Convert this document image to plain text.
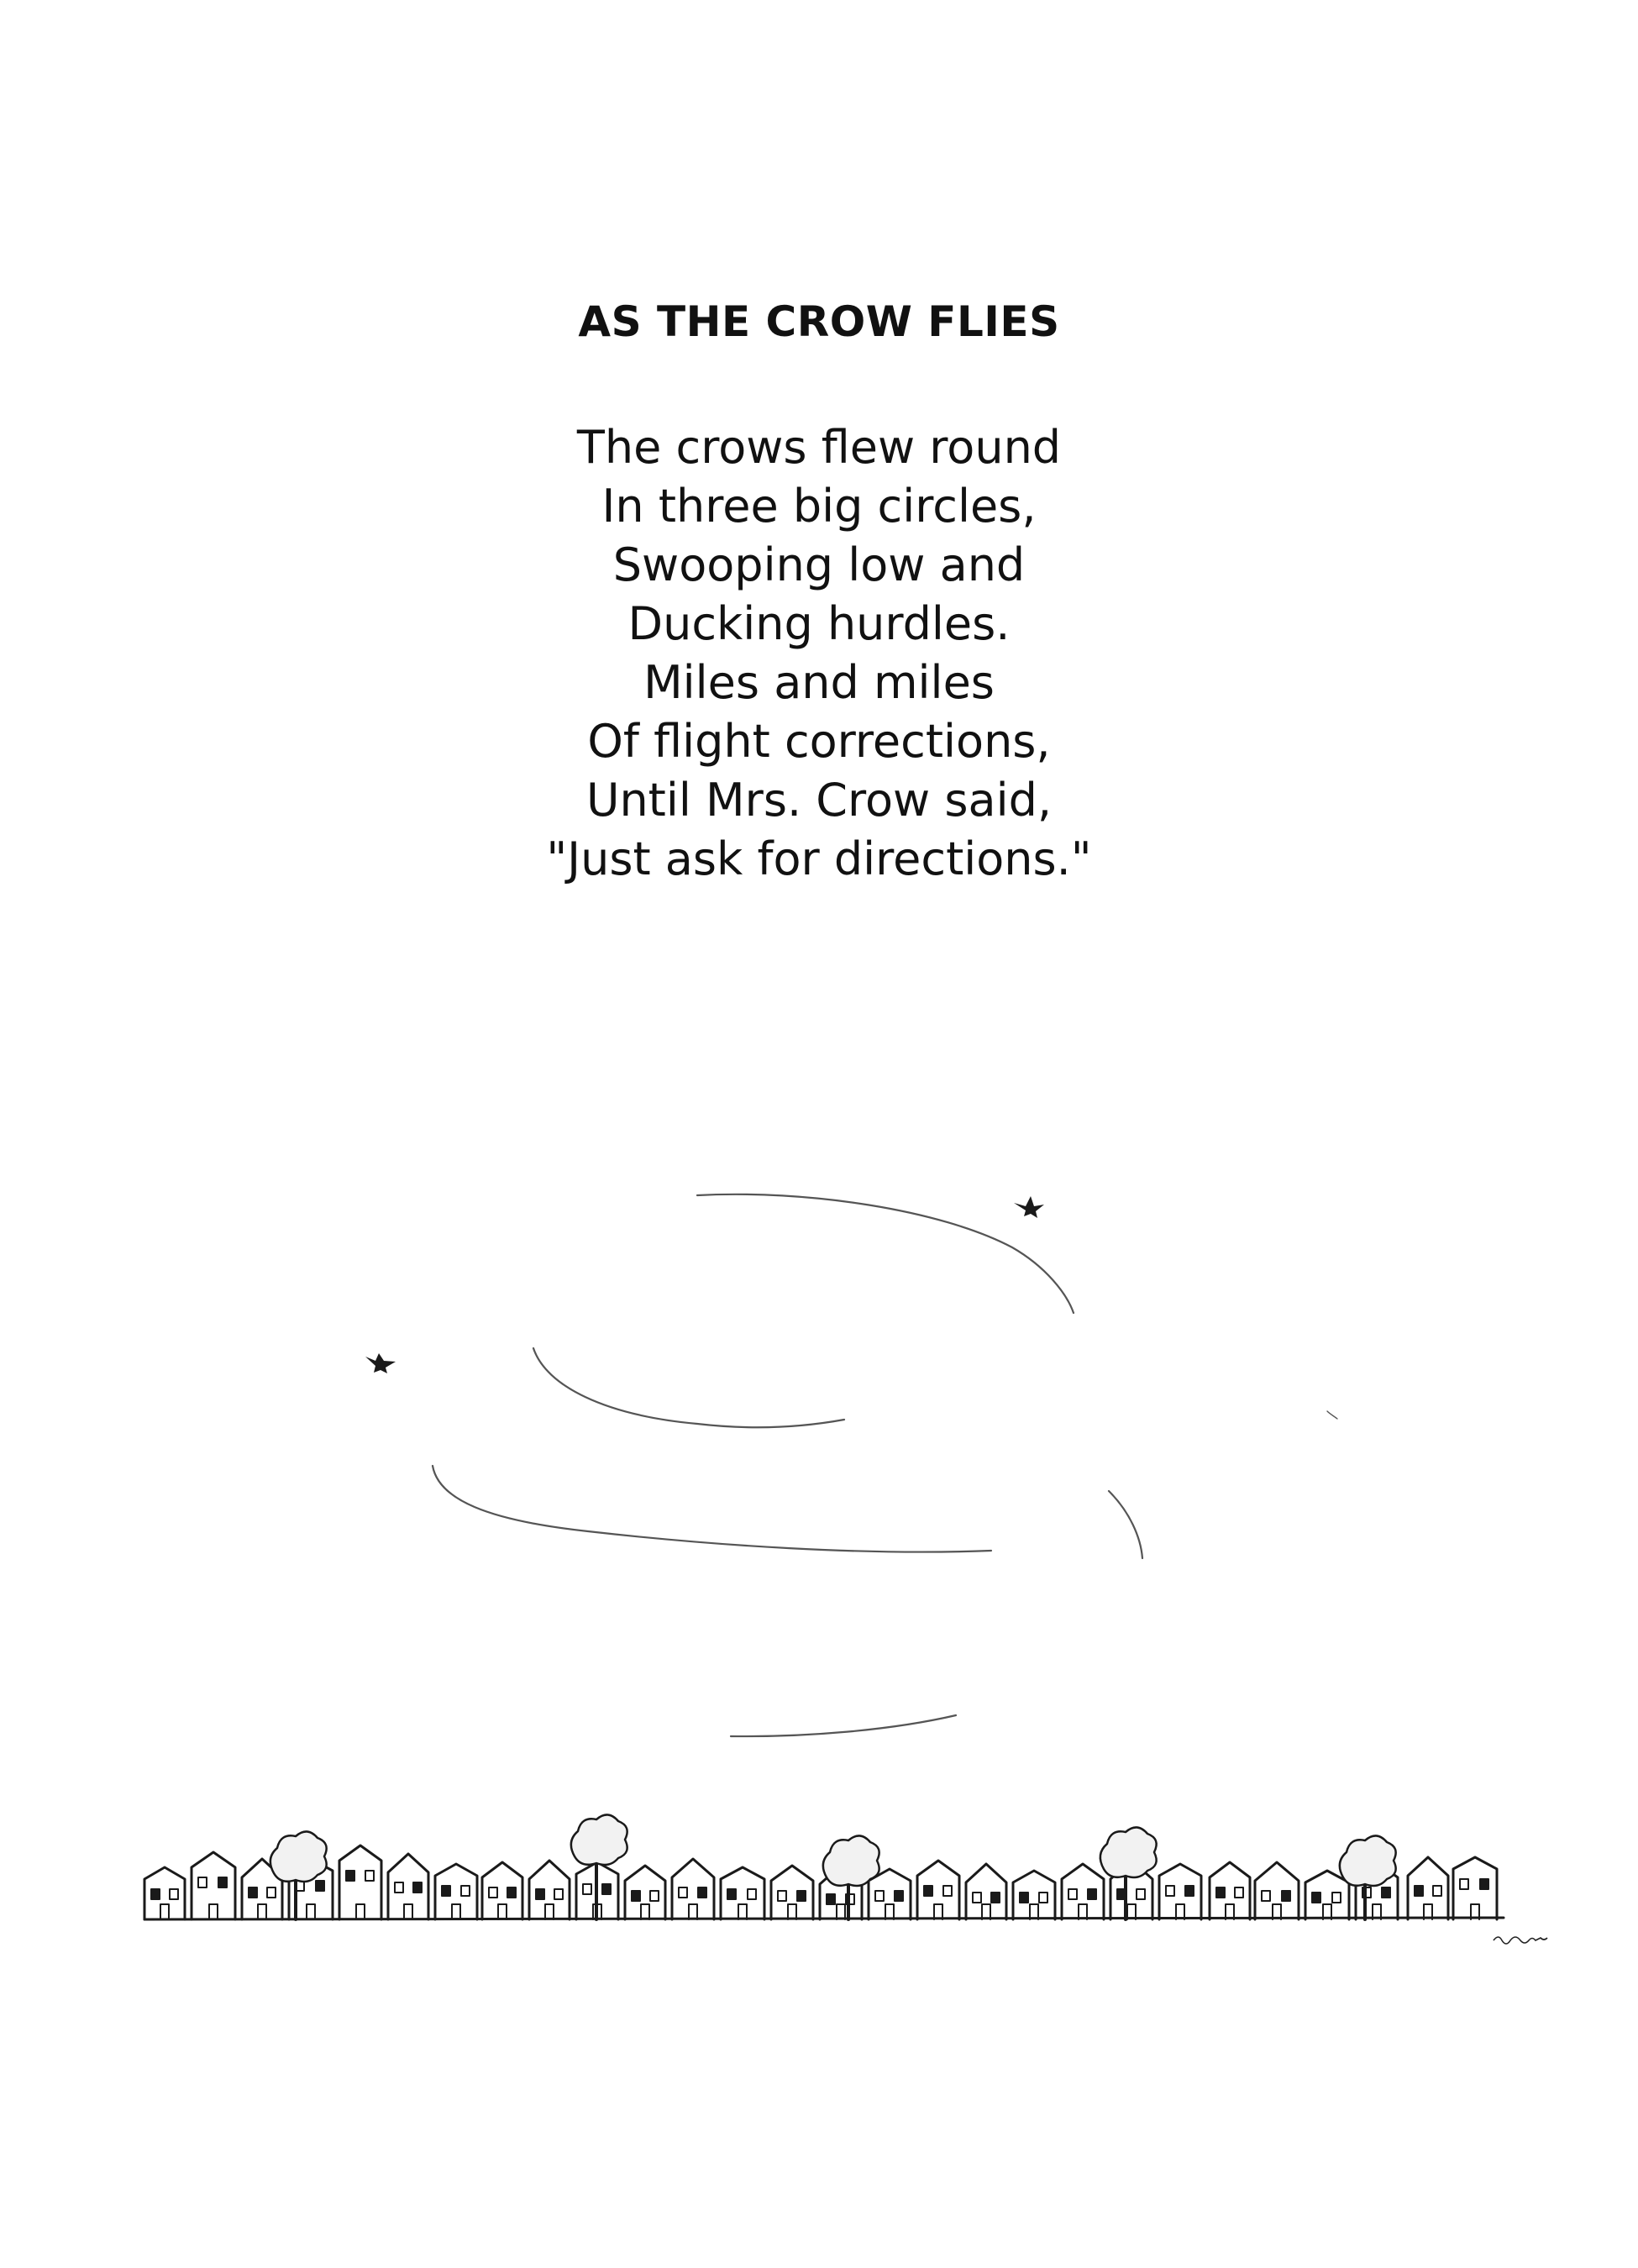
AS THE CROW FLIES
The crows flew round
In three big circles,
Swooping low and
Ducking hurdles.
Miles and miles
Of flight corrections,
Until Mrs. Crow said,
"Just ask for directions."
